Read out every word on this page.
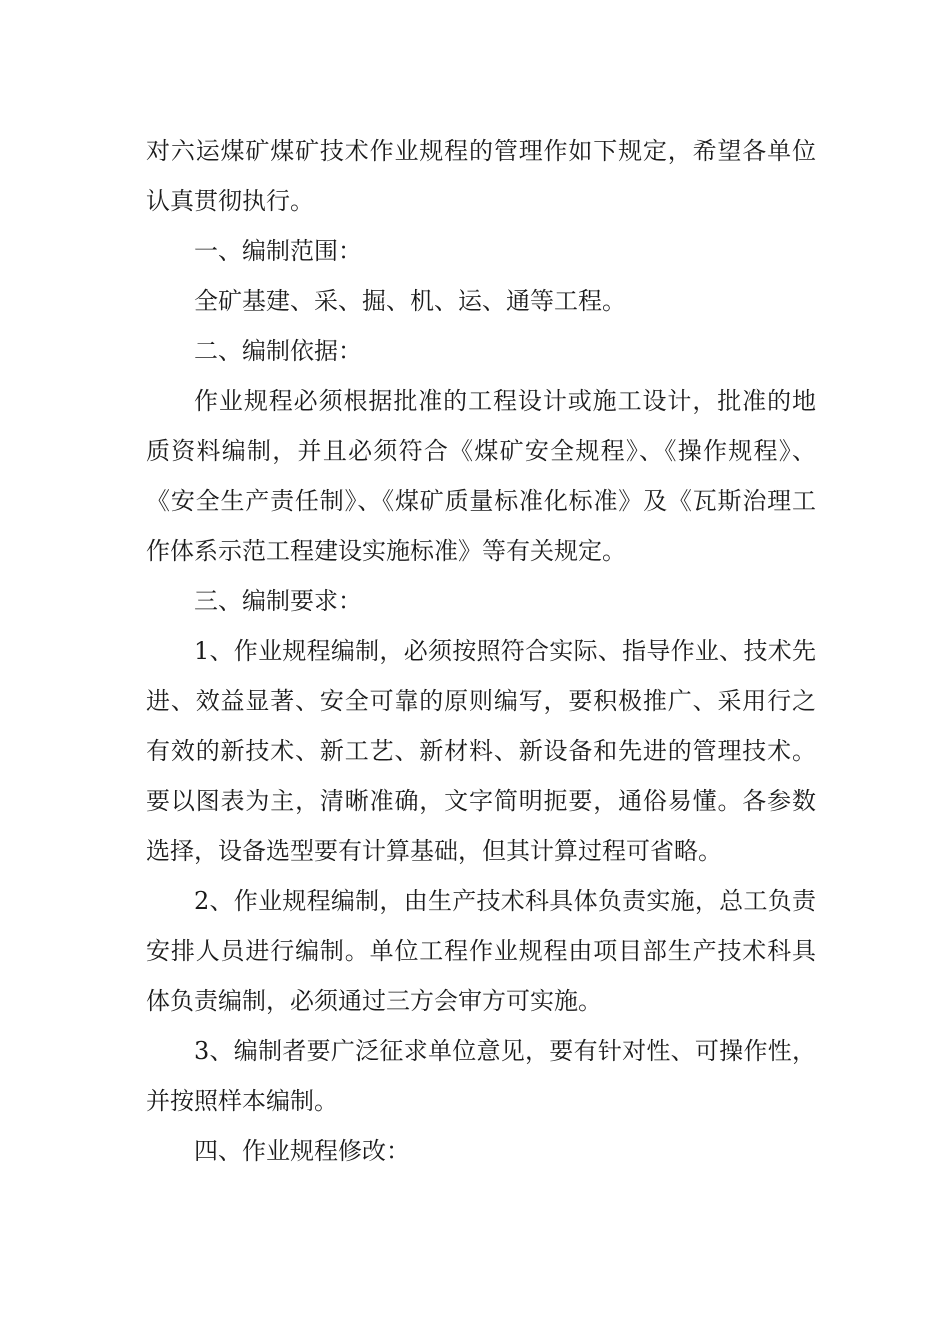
对六运煤矿煤矿技术作业规程的管理作如下规定，希望各单位认真贯彻执行。

一、编制范围：

全矿基建、采、掘、机、运、通等工程。

二、编制依据：

作业规程必须根据批准的工程设计或施工设计，批准的地质资料编制，并且必须符合《煤矿安全规程》、《操作规程》、《安全生产责任制》、《煤矿质量标准化标准》及《瓦斯治理工作体系示范工程建设实施标准》等有关规定。

三、编制要求：

1、作业规程编制，必须按照符合实际、指导作业、技术先进、效益显著、安全可靠的原则编写，要积极推广、采用行之有效的新技术、新工艺、新材料、新设备和先进的管理技术。要以图表为主，清晰准确，文字简明扼要，通俗易懂。各参数选择，设备选型要有计算基础，但其计算过程可省略。

2、作业规程编制，由生产技术科具体负责实施，总工负责安排人员进行编制。单位工程作业规程由项目部生产技术科具体负责编制，必须通过三方会审方可实施。

3、编制者要广泛征求单位意见，要有针对性、可操作性，并按照样本编制。

四、作业规程修改：
